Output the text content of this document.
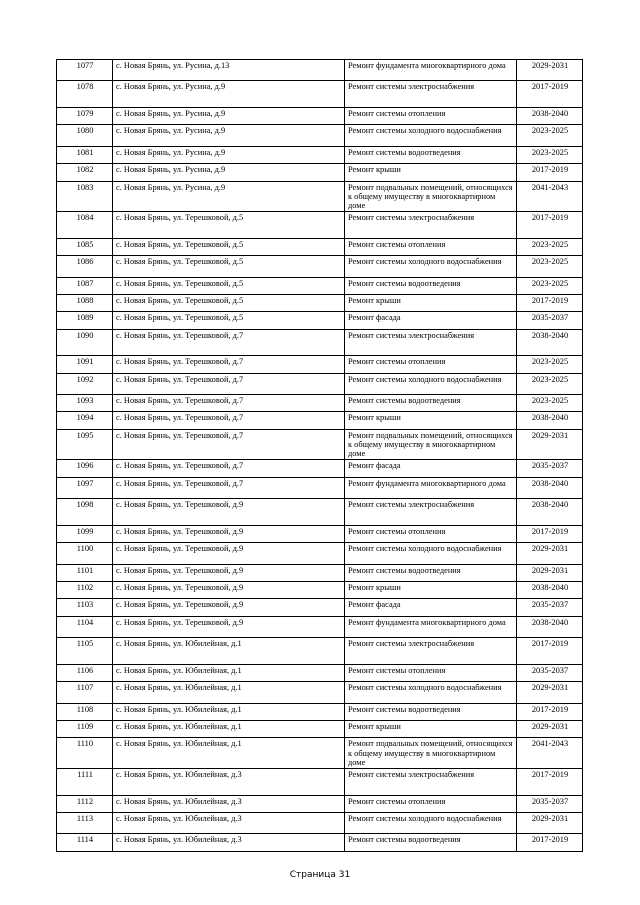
1077	с. Новая Брянь, ул. Русина, д.13	Ремонт фундамента многоквартирного дома	2029-2031
1078	с. Новая Брянь, ул. Русина, д.9	Ремонт системы электроснабжения	2017-2019
1079	с. Новая Брянь, ул. Русина, д.9	Ремонт системы отопления	2038-2040
1080	с. Новая Брянь, ул. Русина, д.9	Ремонт системы холодного водоснабжения	2023-2025
1081	с. Новая Брянь, ул. Русина, д.9	Ремонт системы водоотведения	2023-2025
1082	с. Новая Брянь, ул. Русина, д.9	Ремонт крыши	2017-2019
1083	с. Новая Брянь, ул. Русина, д.9	Ремонт подвальных помещений, относящихся к общему имуществу в многоквартирном доме	2041-2043
1084	с. Новая Брянь, ул. Терешковой, д.5	Ремонт системы электроснабжения	2017-2019
1085	с. Новая Брянь, ул. Терешковой, д.5	Ремонт системы отопления	2023-2025
1086	с. Новая Брянь, ул. Терешковой, д.5	Ремонт системы холодного водоснабжения	2023-2025
1087	с. Новая Брянь, ул. Терешковой, д.5	Ремонт системы водоотведения	2023-2025
1088	с. Новая Брянь, ул. Терешковой, д.5	Ремонт крыши	2017-2019
1089	с. Новая Брянь, ул. Терешковой, д.5	Ремонт фасада	2035-2037
1090	с. Новая Брянь, ул. Терешковой, д.7	Ремонт системы электроснабжения	2038-2040
1091	с. Новая Брянь, ул. Терешковой, д.7	Ремонт системы отопления	2023-2025
1092	с. Новая Брянь, ул. Терешковой, д.7	Ремонт системы холодного водоснабжения	2023-2025
1093	с. Новая Брянь, ул. Терешковой, д.7	Ремонт системы водоотведения	2023-2025
1094	с. Новая Брянь, ул. Терешковой, д.7	Ремонт крыши	2038-2040
1095	с. Новая Брянь, ул. Терешковой, д.7	Ремонт подвальных помещений, относящихся к общему имуществу в многоквартирном доме	2029-2031
1096	с. Новая Брянь, ул. Терешковой, д.7	Ремонт фасада	2035-2037
1097	с. Новая Брянь, ул. Терешковой, д.7	Ремонт фундамента многоквартирного дома	2038-2040
1098	с. Новая Брянь, ул. Терешковой, д.9	Ремонт системы электроснабжения	2038-2040
1099	с. Новая Брянь, ул. Терешковой, д.9	Ремонт системы отопления	2017-2019
1100	с. Новая Брянь, ул. Терешковой, д.9	Ремонт системы холодного водоснабжения	2029-2031
1101	с. Новая Брянь, ул. Терешковой, д.9	Ремонт системы водоотведения	2029-2031
1102	с. Новая Брянь, ул. Терешковой, д.9	Ремонт крыши	2038-2040
1103	с. Новая Брянь, ул. Терешковой, д.9	Ремонт фасада	2035-2037
1104	с. Новая Брянь, ул. Терешковой, д.9	Ремонт фундамента многоквартирного дома	2038-2040
1105	с. Новая Брянь, ул. Юбилейная, д.1	Ремонт системы электроснабжения	2017-2019
1106	с. Новая Брянь, ул. Юбилейная, д.1	Ремонт системы отопления	2035-2037
1107	с. Новая Брянь, ул. Юбилейная, д.1	Ремонт системы холодного водоснабжения	2029-2031
1108	с. Новая Брянь, ул. Юбилейная, д.1	Ремонт системы водоотведения	2017-2019
1109	с. Новая Брянь, ул. Юбилейная, д.1	Ремонт крыши	2029-2031
1110	с. Новая Брянь, ул. Юбилейная, д.1	Ремонт подвальных помещений, относящихся к общему имуществу в многоквартирном доме	2041-2043
1111	с. Новая Брянь, ул. Юбилейная, д.3	Ремонт системы электроснабжения	2017-2019
1112	с. Новая Брянь, ул. Юбилейная, д.3	Ремонт системы отопления	2035-2037
1113	с. Новая Брянь, ул. Юбилейная, д.3	Ремонт системы холодного водоснабжения	2029-2031
1114	с. Новая Брянь, ул. Юбилейная, д.3	Ремонт системы водоотведения	2017-2019
Страница 31
